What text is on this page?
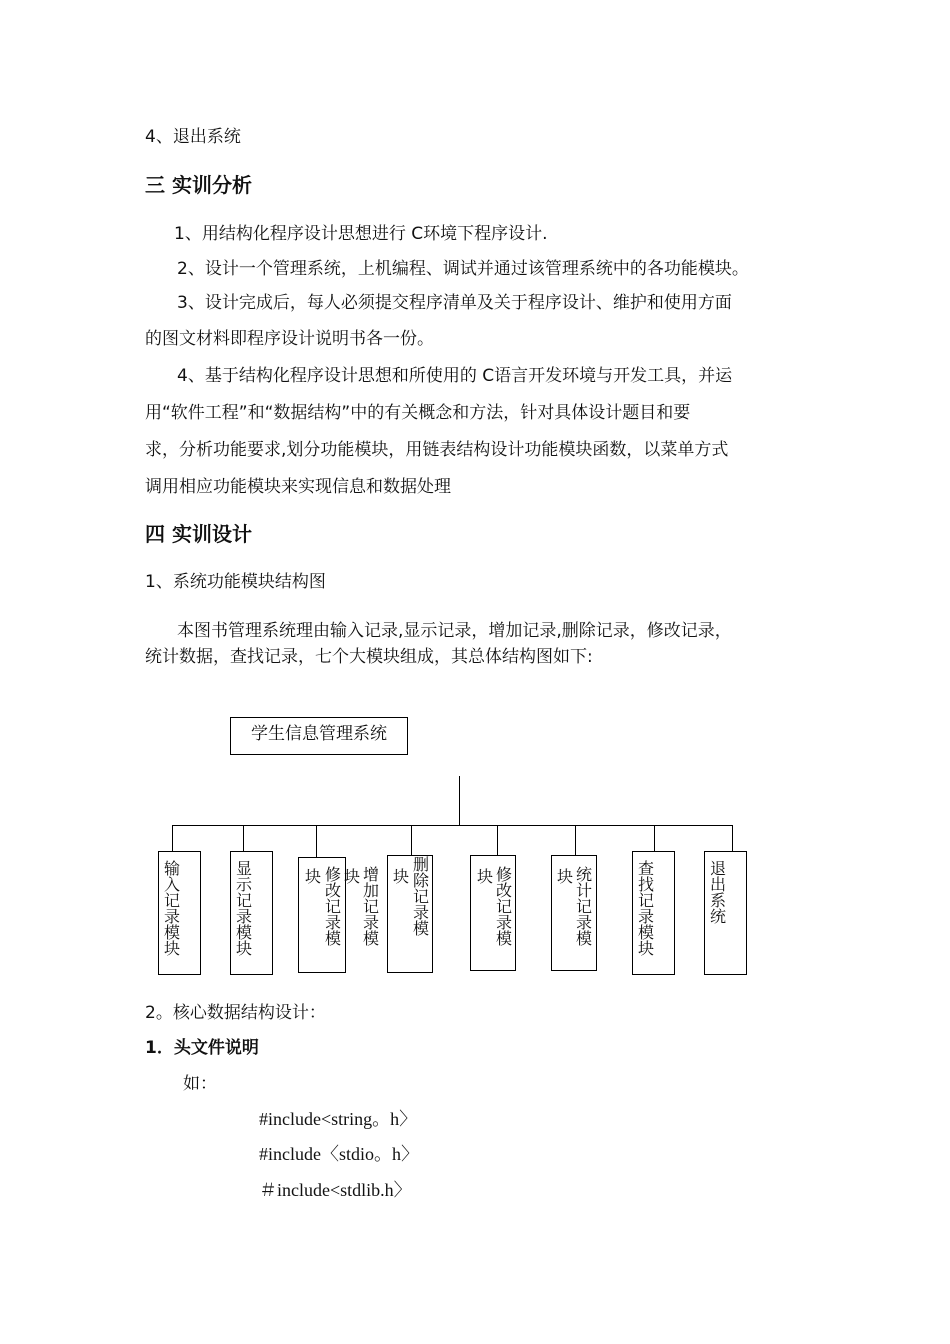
4、退出系统
三 实训分析
1、用结构化程序设计思想进行 C环境下程序设计.
2、设计一个管理系统，上机编程、调试并通过该管理系统中的各功能模块。
3、设计完成后，每人必须提交程序清单及关于程序设计、维护和使用方面
的图文材料即程序设计说明书各一份。
4、基于结构化程序设计思想和所使用的 C语言开发环境与开发工具，并运
用“软件工程”和“数据结构”中的有关概念和方法，针对具体设计题目和要
求，分析功能要求,划分功能模块，用链表结构设计功能模块函数，以菜单方式
调用相应功能模块来实现信息和数据处理
四 实训设计
1、系统功能模块结构图
本图书管理系统理由输入记录,显示记录，增加记录,删除记录，修改记录，
统计数据，查找记录，七个大模块组成，其总体结构图如下:
学生信息管理系统
输入记录模块
显示记录模块
修改记录模
块 块 增加记录模
删除记录模
块	修改记录模
块	统计记录模
块	查找记录模块
退出系统
2。核心数据结构设计：
1．头文件说明
如：
#include<string。h〉
#include〈stdio。h〉
＃include<stdlib.h〉
